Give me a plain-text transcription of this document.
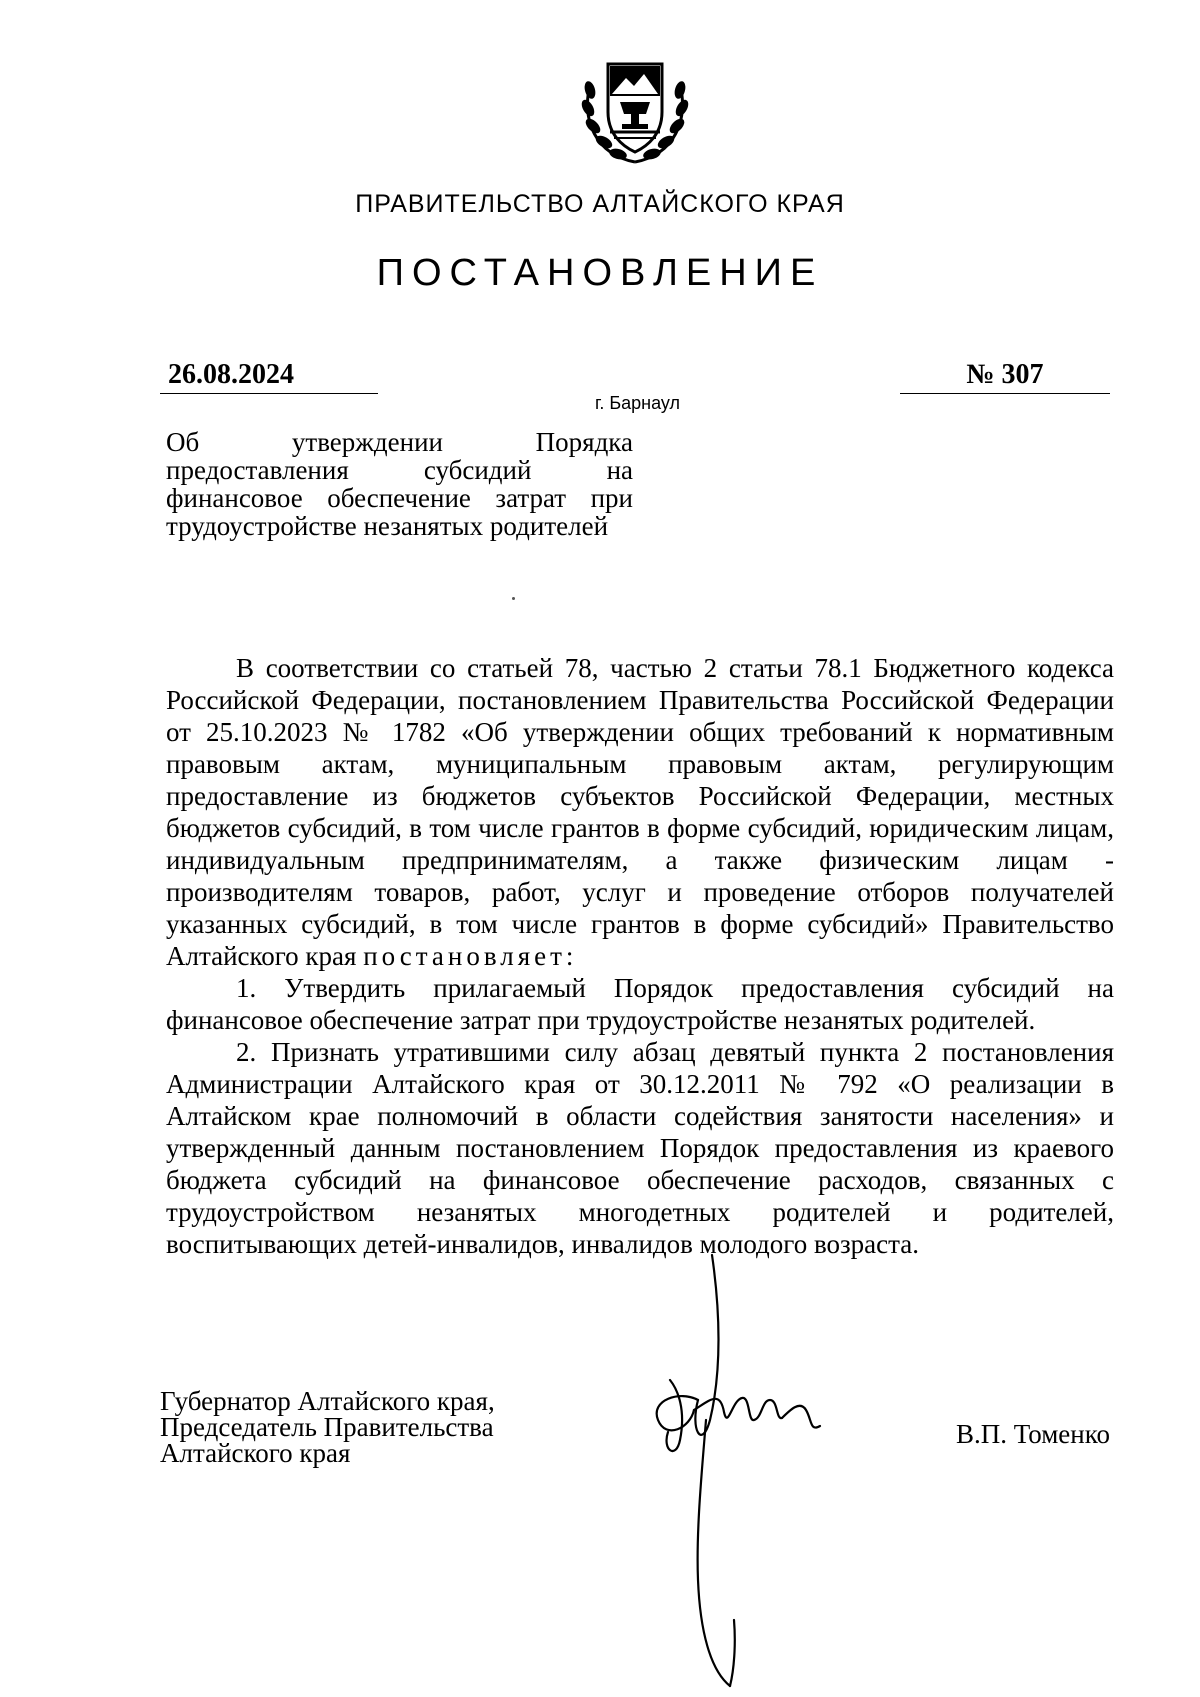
ПРАВИТЕЛЬСТВО АЛТАЙСКОГО КРАЯ
ПОСТАНОВЛЕНИЕ
26.08.2024	№ 307
г. Барнаул
Об утверждении Порядка предоставления субсидий на финансовое обеспечение затрат при трудоустройстве незанятых родителей

В соответствии со статьей 78, частью 2 статьи 78.1 Бюджетного кодекса Российской Федерации, постановлением Правительства Российской Федерации от 25.10.2023 № 1782 «Об утверждении общих требований к нормативным правовым актам, муниципальным правовым актам, регулирующим предоставление из бюджетов субъектов Российской Федерации, местных бюджетов субсидий, в том числе грантов в форме субсидий, юридическим лицам, индивидуальным предпринимателям, а также физическим лицам - производителям товаров, работ, услуг и проведение отборов получателей указанных субсидий, в том числе грантов в форме субсидий» Правительство Алтайского края постановляет:

1. Утвердить прилагаемый Порядок предоставления субсидий на финансовое обеспечение затрат при трудоустройстве незанятых родителей.

2. Признать утратившими силу абзац девятый пункта 2 постановления Администрации Алтайского края от 30.12.2011 № 792 «О реализации в Алтайском крае полномочий в области содействия занятости населения» и утвержденный данным постановлением Порядок предоставления из краевого бюджета субсидий на финансовое обеспечение расходов, связанных с трудоустройством незанятых многодетных родителей и родителей, воспитывающих детей-инвалидов, инвалидов молодого возраста.

Губернатор Алтайского края,
Председатель Правительства
Алтайского края
В.П. Томенко
